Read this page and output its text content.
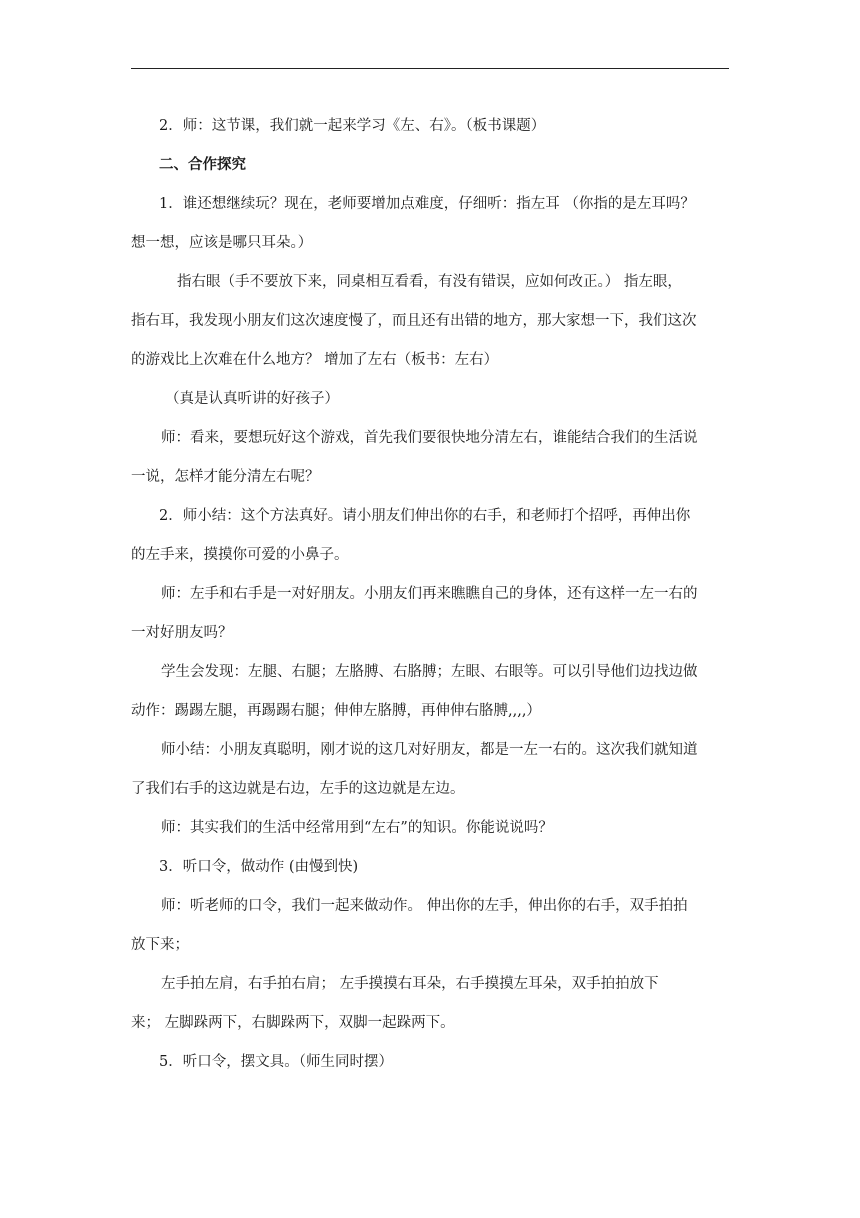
2．师：这节课，我们就一起来学习《左、右》。（板书课题）
二、合作探究
1．谁还想继续玩？现在，老师要增加点难度，仔细听：指左耳 （你指的是左耳吗？
想一想，应该是哪只耳朵。）
指右眼（手不要放下来，同桌相互看看，有没有错误，应如何改正。） 指左眼，
指右耳，我发现小朋友们这次速度慢了，而且还有出错的地方，那大家想一下，我们这次
的游戏比上次难在什么地方？ 增加了左右（板书：左右）
（真是认真听讲的好孩子）
师：看来，要想玩好这个游戏，首先我们要很快地分清左右，谁能结合我们的生活说
一说，怎样才能分清左右呢？
2．师小结：这个方法真好。请小朋友们伸出你的右手，和老师打个招呼，再伸出你
的左手来，摸摸你可爱的小鼻子。
师：左手和右手是一对好朋友。小朋友们再来瞧瞧自己的身体，还有这样一左一右的
一对好朋友吗？
学生会发现：左腿、右腿；左胳膊、右胳膊；左眼、右眼等。可以引导他们边找边做
动作：踢踢左腿，再踢踢右腿；伸伸左胳膊，再伸伸右胳膊,,,,）
师小结：小朋友真聪明，刚才说的这几对好朋友，都是一左一右的。这次我们就知道
了我们右手的这边就是右边，左手的这边就是左边。
师：其实我们的生活中经常用到“左右”的知识。你能说说吗？
3．听口令，做动作 (由慢到快)
师：听老师的口令，我们一起来做动作。 伸出你的左手，伸出你的右手，双手拍拍
放下来；
左手拍左肩，右手拍右肩； 左手摸摸右耳朵，右手摸摸左耳朵，双手拍拍放下
来； 左脚跺两下，右脚跺两下，双脚一起跺两下。
5．听口令，摆文具。（师生同时摆）
